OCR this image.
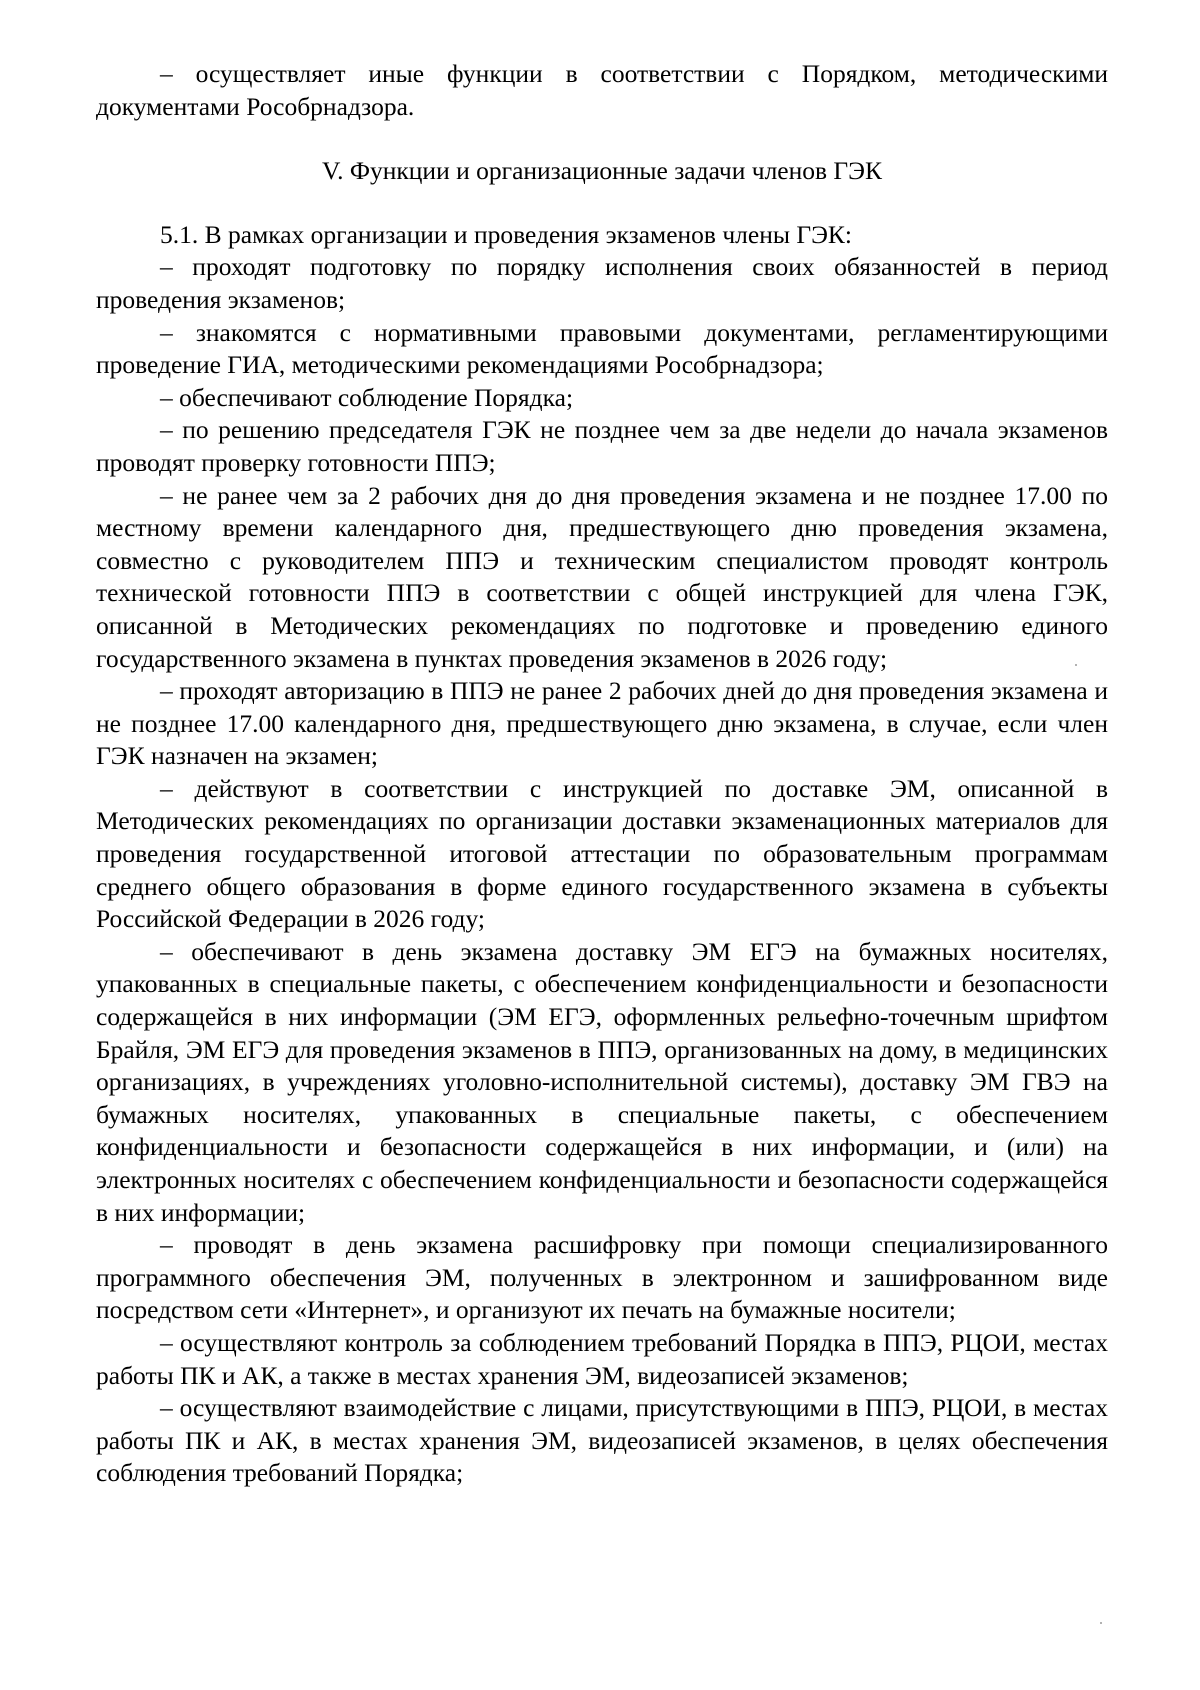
– осуществляет иные функции в соответствии с Порядком, методическими документами Рособрнадзора.

V. Функции и организационные задачи членов ГЭК

5.1. В рамках организации и проведения экзаменов члены ГЭК:

– проходят подготовку по порядку исполнения своих обязанностей в период проведения экзаменов;

– знакомятся с нормативными правовыми документами, регламентирующими проведение ГИА, методическими рекомендациями Рособрнадзора;

– обеспечивают соблюдение Порядка;

– по решению председателя ГЭК не позднее чем за две недели до начала экзаменов проводят проверку готовности ППЭ;

– не ранее чем за 2 рабочих дня до дня проведения экзамена и не позднее 17.00 по местному времени календарного дня, предшествующего дню проведения экзамена, совместно с руководителем ППЭ и техническим специалистом проводят контроль технической готовности ППЭ в соответствии с общей инструкцией для члена ГЭК, описанной в Методических рекомендациях по подготовке и проведению единого государственного экзамена в пунктах проведения экзаменов в 2026 году;

– проходят авторизацию в ППЭ не ранее 2 рабочих дней до дня проведения экзамена и не позднее 17.00 календарного дня, предшествующего дню экзамена, в случае, если член ГЭК назначен на экзамен;

– действуют в соответствии с инструкцией по доставке ЭМ, описанной в Методических рекомендациях по организации доставки экзаменационных материалов для проведения государственной итоговой аттестации по образовательным программам среднего общего образования в форме единого государственного экзамена в субъекты Российской Федерации в 2026 году;

– обеспечивают в день экзамена доставку ЭМ ЕГЭ на бумажных носителях, упакованных в специальные пакеты, с обеспечением конфиденциальности и безопасности содержащейся в них информации (ЭМ ЕГЭ, оформленных рельефно-точечным шрифтом Брайля, ЭМ ЕГЭ для проведения экзаменов в ППЭ, организованных на дому, в медицинских организациях, в учреждениях уголовно-исполнительной системы), доставку ЭМ ГВЭ на бумажных носителях, упакованных в специальные пакеты, с обеспечением конфиденциальности и безопасности содержащейся в них информации, и (или) на электронных носителях с обеспечением конфиденциальности и безопасности содержащейся в них информации;

– проводят в день экзамена расшифровку при помощи специализированного программного обеспечения ЭМ, полученных в электронном и зашифрованном виде посредством сети «Интернет», и организуют их печать на бумажные носители;

– осуществляют контроль за соблюдением требований Порядка в ППЭ, РЦОИ, местах работы ПК и АК, а также в местах хранения ЭМ, видеозаписей экзаменов;

– осуществляют взаимодействие с лицами, присутствующими в ППЭ, РЦОИ, в местах работы ПК и АК, в местах хранения ЭМ, видеозаписей экзаменов, в целях обеспечения соблюдения требований Порядка;
